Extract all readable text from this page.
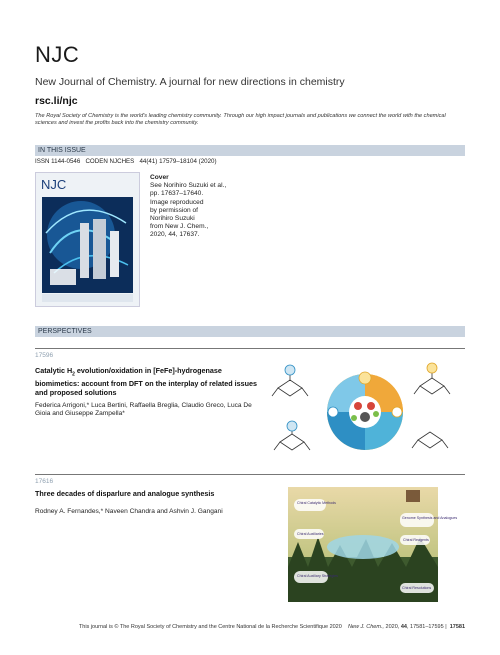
NJC
New Journal of Chemistry. A journal for new directions in chemistry
rsc.li/njc
The Royal Society of Chemistry is the world's leading chemistry community. Through our high impact journals and publications we connect the world with the chemical sciences and invest the profits back into the chemistry community.
IN THIS ISSUE
ISSN 1144-0546 CODEN NJCHES 44(41) 17579–18104 (2020)
NJC	Cover
See Norihiro Suzuki et al.,
pp. 17637–17640.
Image reproduced
by permission of
Norihiro Suzuki
from New J. Chem.,
2020, 44, 17637.
PERSPECTIVES
17596
Catalytic $H_2$ evolution/oxidation in [FeFe]-hydrogenase biomimetics: account from DFT on the interplay of related issues and proposed solutions
Federica Arrigoni,* Luca Bertini, Raffaella Breglia, Claudio Greco, Luca De Gioia and Giuseppe Zampella*
17616
Three decades of disparlure and analogue synthesis
Rodney A. Fernandes,* Naveen Chandra and Ashvin J. Gangani
Chiral Catalytic Methods
Chiral Auxiliaries
Chiral Auxiliary Strategies
Genome Synthesis and Analogues
Chiral Reagents
Chiral Resolutions
This journal is © The Royal Society of Chemistry and the Centre National de la Recherche Scientifique 2020 New J. Chem., 2020, 44, 17581–17595 |  17581
